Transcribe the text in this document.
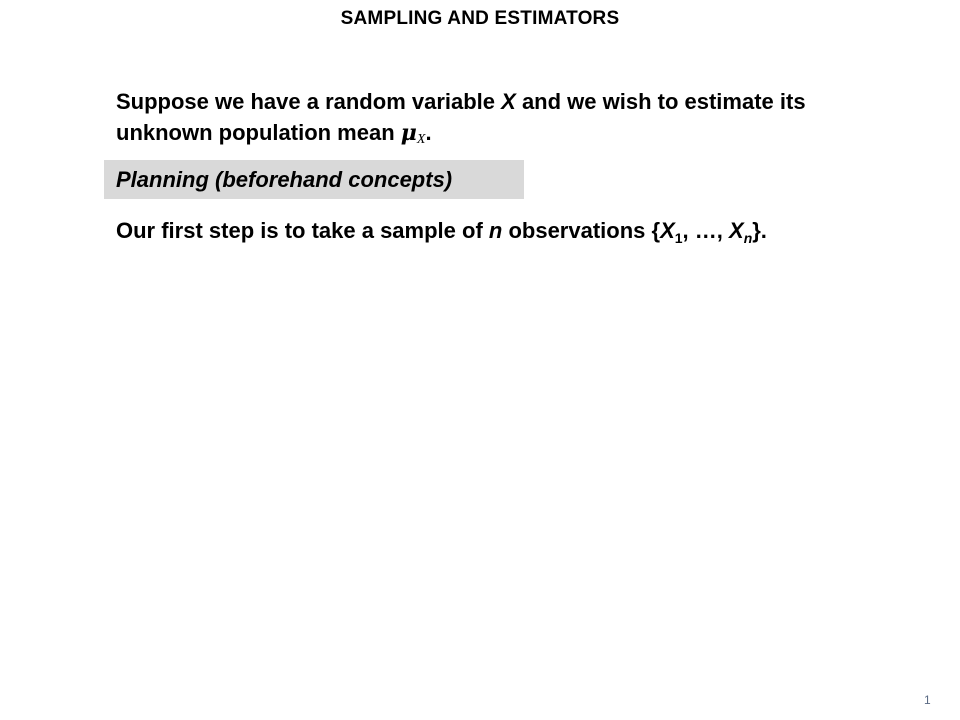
SAMPLING AND ESTIMATORS
Suppose we have a random variable X and we wish to estimate its unknown population mean μX.
Planning (beforehand concepts)
Our first step is to take a sample of n observations {$X_1$, …, $X_n$}.
1
